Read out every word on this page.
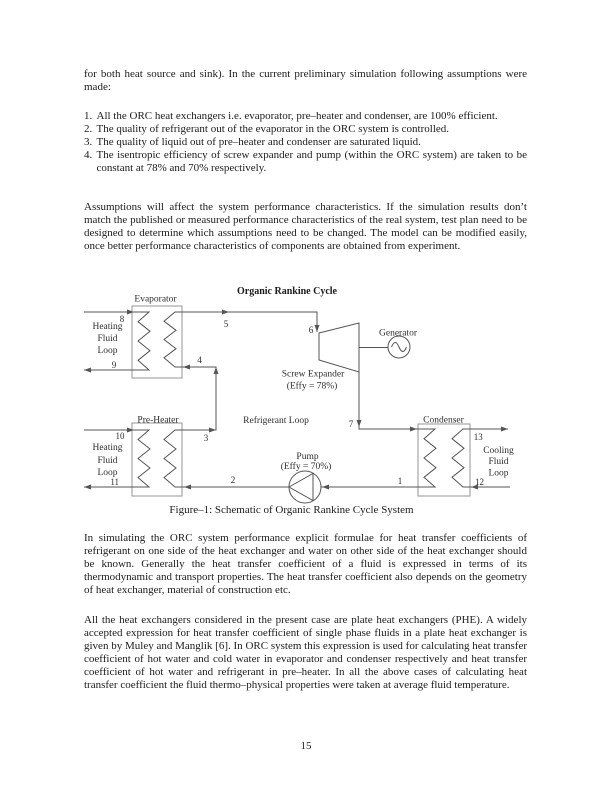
for both heat source and sink). In the current preliminary simulation following assumptions were made:
1. All the ORC heat exchangers i.e. evaporator, pre–heater and condenser, are 100% efficient.
2. The quality of refrigerant out of the evaporator in the ORC system is controlled.
3. The quality of liquid out of pre–heater and condenser are saturated liquid.
4. The isentropic efficiency of screw expander and pump (within the ORC system) are taken to be constant at 78% and 70% respectively.
Assumptions will affect the system performance characteristics. If the simulation results don’t match the published or measured performance characteristics of the real system, test plan need to be designed to determine which assumptions need to be changed. The model can be modified easily, once better performance characteristics of components are obtained from experiment.
Organic Rankine Cycle
Evaporator
Pre-Heater	Condenser
Screw Expander
(Effy = 78%)
Generator
Pump
(Effy = 70%)
Heating
Fluid
Loop
Heating
Fluid
Loop
Cooling
Fluid
Loop
Refrigerant Loop
1
2
3
4
5
6
7
8
9
10
11	12
13
Figure–1: Schematic of Organic Rankine Cycle System
In simulating the ORC system performance explicit formulae for heat transfer coefficients of refrigerant on one side of the heat exchanger and water on other side of the heat exchanger should be known. Generally the heat transfer coefficient of a fluid is expressed in terms of its thermodynamic and transport properties. The heat transfer coefficient also depends on the geometry of heat exchanger, material of construction etc.
All the heat exchangers considered in the present case are plate heat exchangers (PHE). A widely accepted expression for heat transfer coefficient of single phase fluids in a plate heat exchanger is given by Muley and Manglik [6]. In ORC system this expression is used for calculating heat transfer coefficient of hot water and cold water in evaporator and condenser respectively and heat transfer coefficient of hot water and refrigerant in pre–heater. In all the above cases of calculating heat transfer coefficient the fluid thermo–physical properties were taken at average fluid temperature.
15
